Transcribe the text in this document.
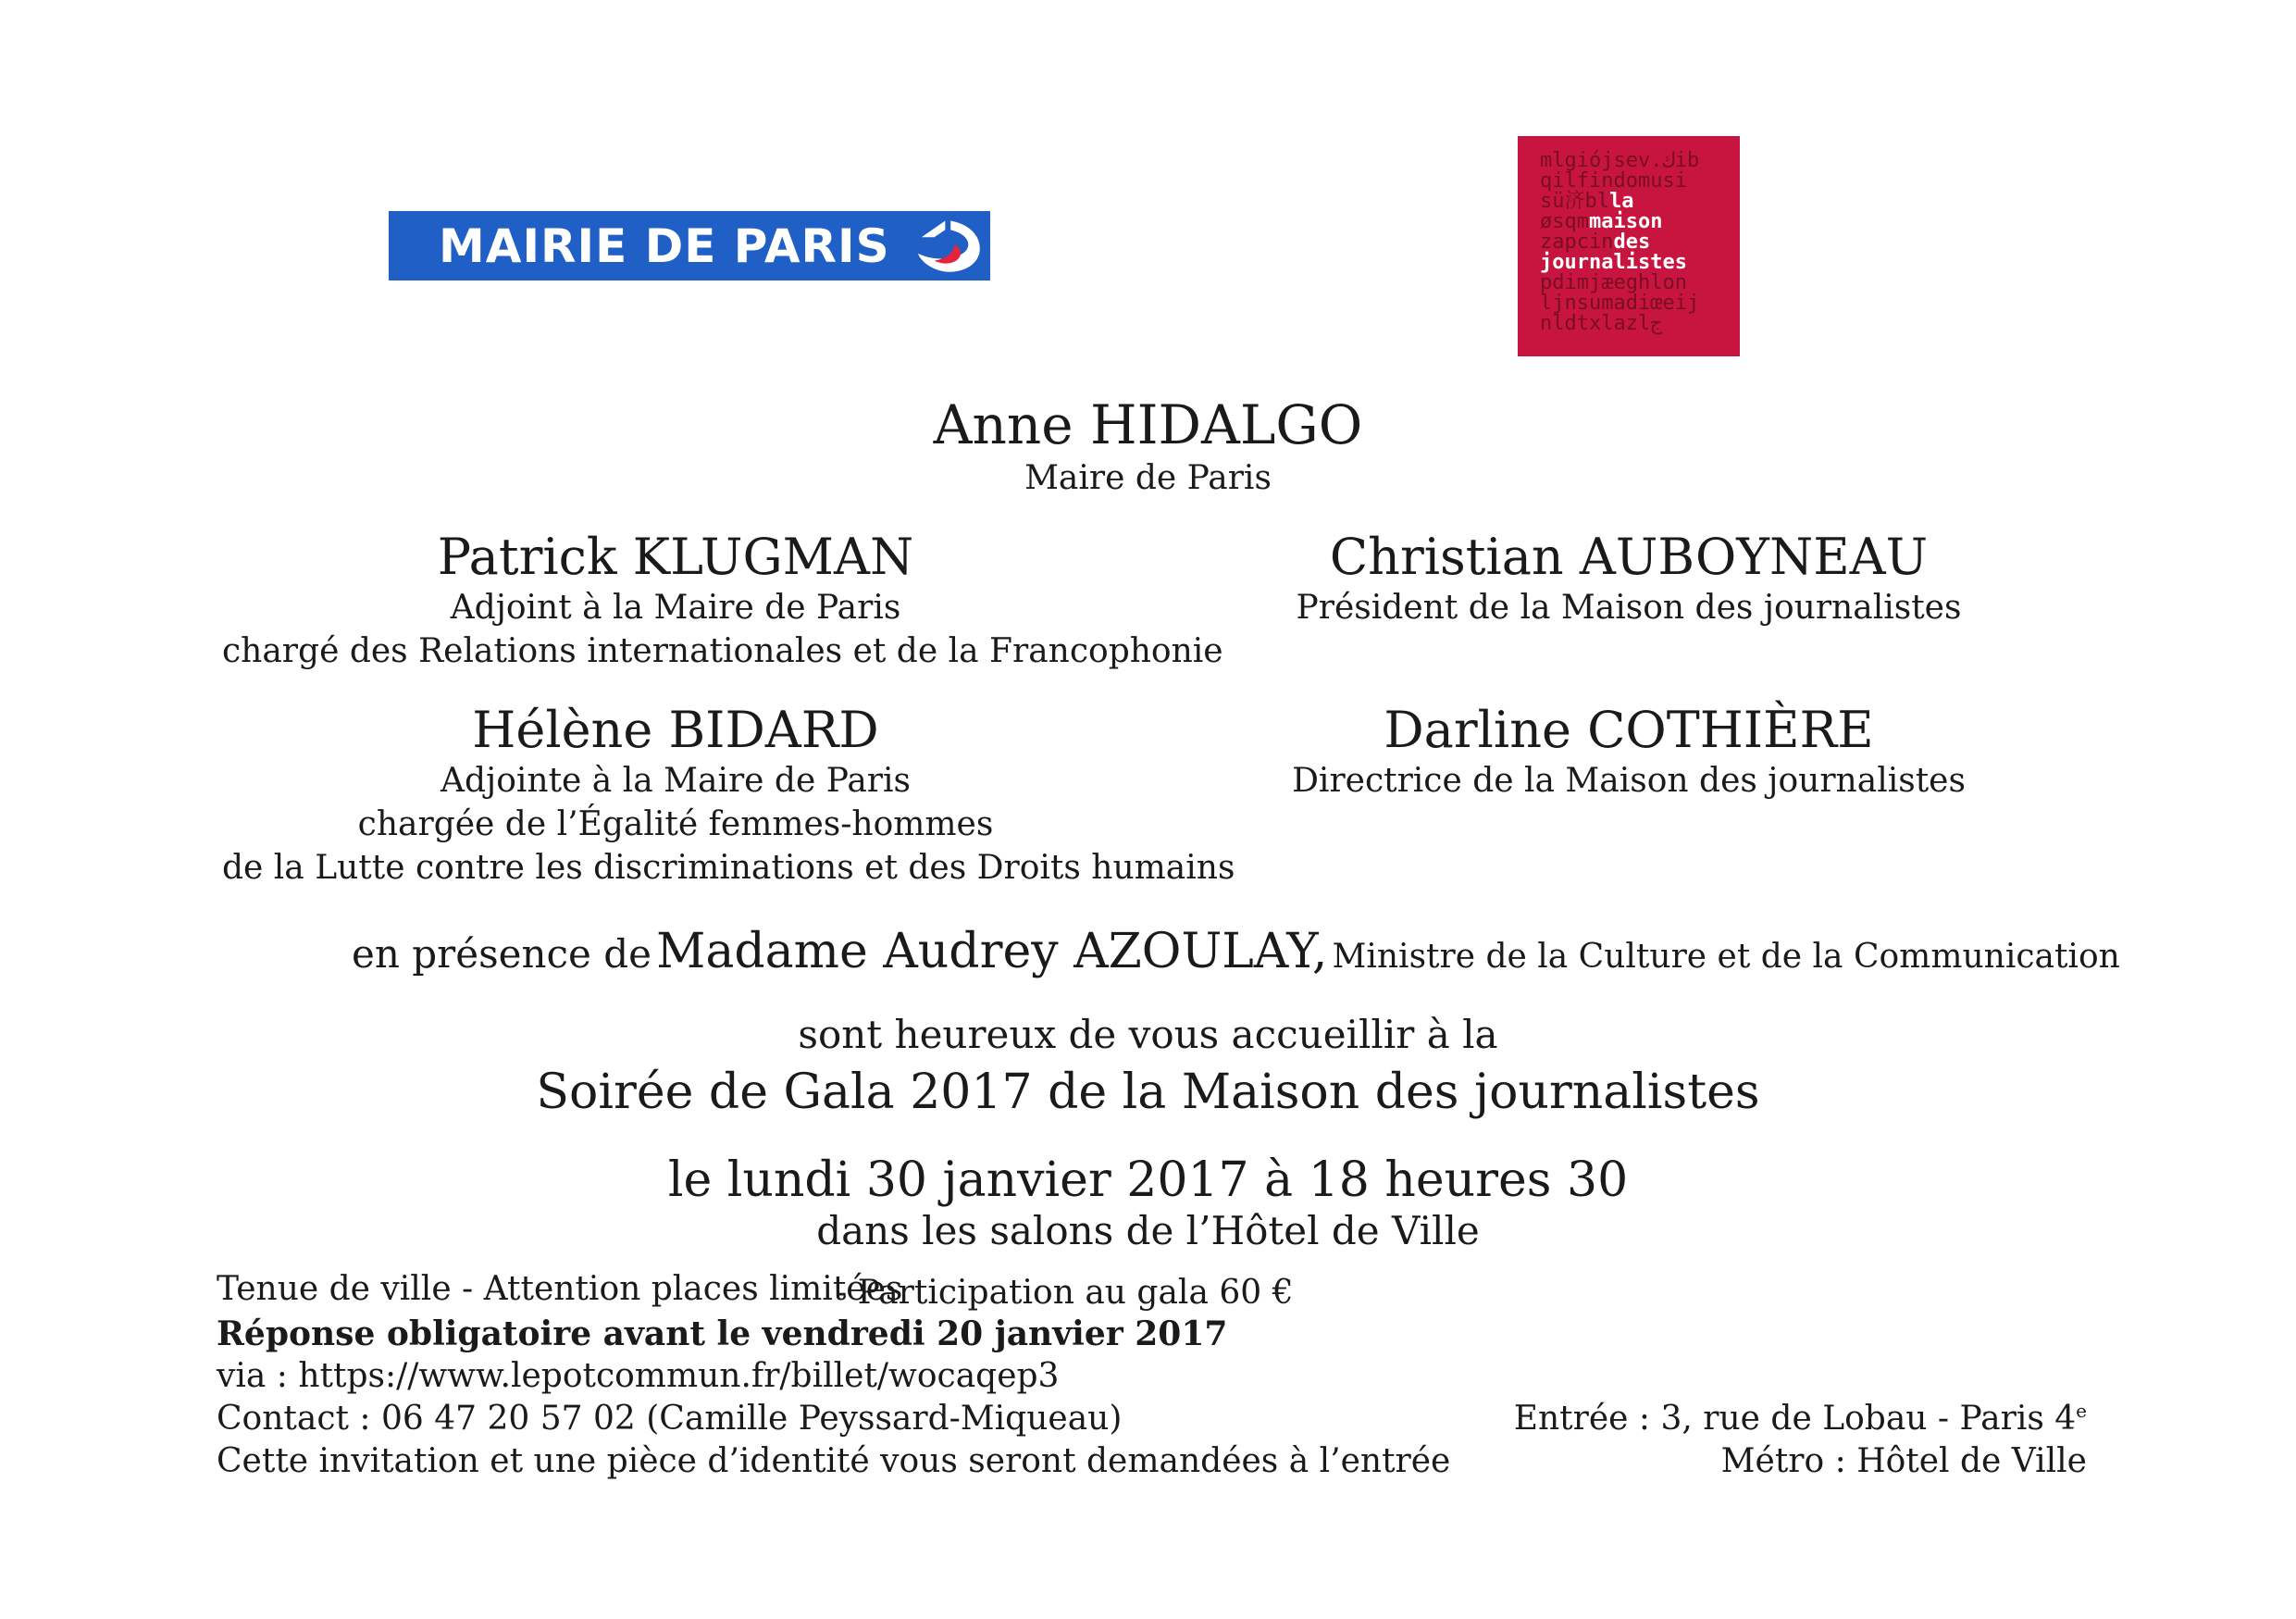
MAIRIE DE PARIS
mlgiójsev.كib
qilfindomusi
sü济blla
øsqmmaison
zapcindes
journalistes
pdimjæeghlon
ljnsumadiœeij
nldtxlazlج
Anne HIDALGO
Maire de Paris
Patrick KLUGMAN
Adjoint à la Maire de Paris
chargé des Relations internationales et de la Francophonie
Hélène BIDARD
Adjointe à la Maire de Paris
chargée de l’Égalité femmes-hommes
de la Lutte contre les discriminations et des Droits humains
Christian AUBOYNEAU
Président de la Maison des journalistes
Darline COTHIÈRE
Directrice de la Maison des journalistes
en présence de Madame Audrey AZOULAY, Ministre de la Culture et de la Communication
sont heureux de vous accueillir à la
Soirée de Gala 2017 de la Maison des journalistes
le lundi 30 janvier 2017 à 18 heures 30
dans les salons de l’Hôtel de Ville
Tenue de ville - Attention places limitées
- Participation au gala 60 €
Réponse obligatoire avant le vendredi 20 janvier 2017
via : https://www.lepotcommun.fr/billet/wocaqep3
Contact : 06 47 20 57 02 (Camille Peyssard-Miqueau)
Cette invitation et une pièce d’identité vous seront demandées à l’entrée
Entrée : 3, rue de Lobau - Paris 4e
Métro : Hôtel de Ville
